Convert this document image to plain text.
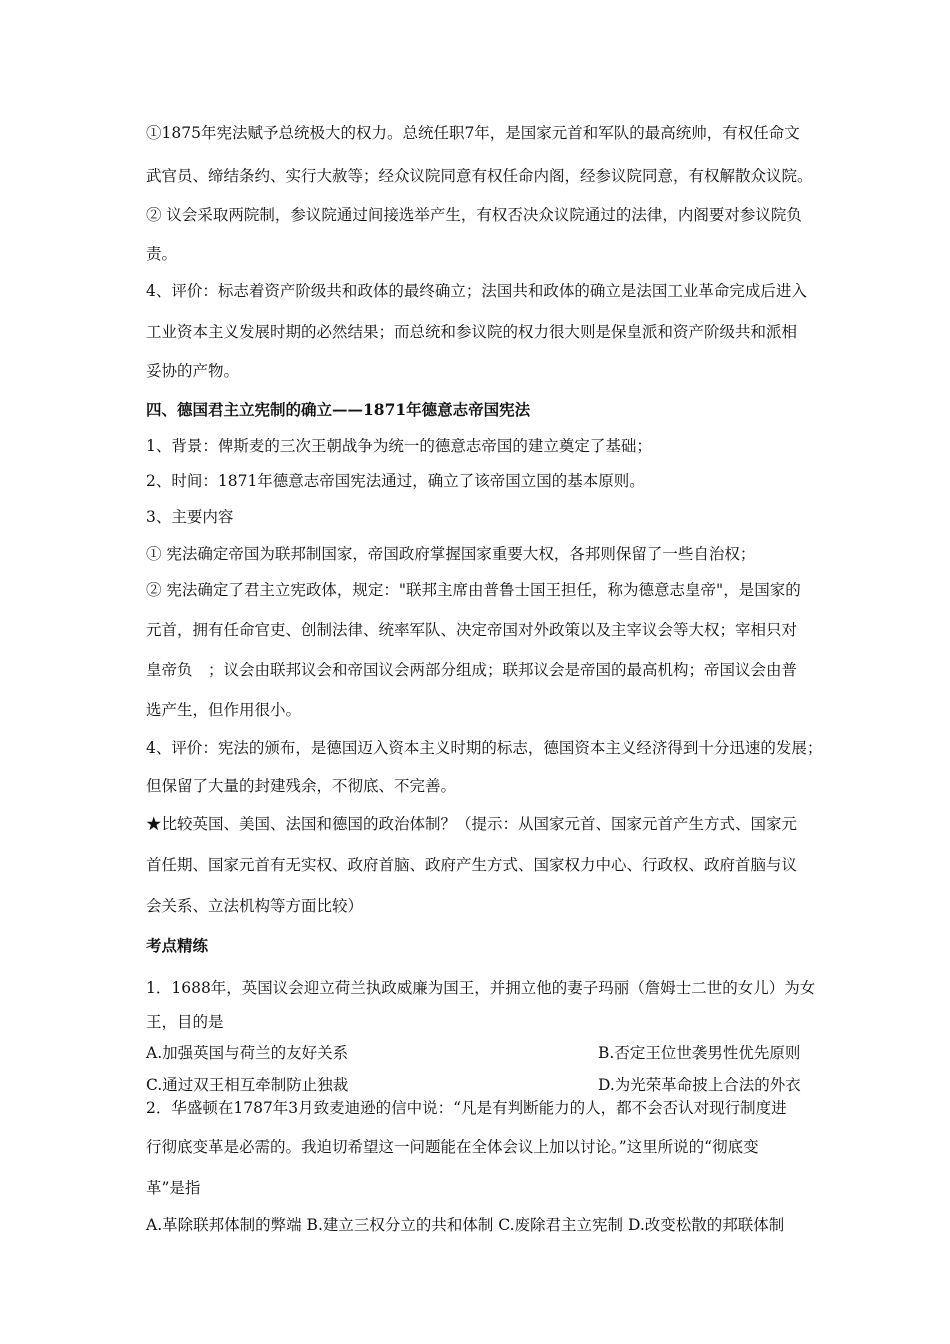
①1875年宪法赋予总统极大的权力。总统任职7年，是国家元首和军队的最高统帅，有权任命文
武官员、缔结条约、实行大赦等；经众议院同意有权任命内阁，经参议院同意，有权解散众议院。
② 议会采取两院制，参议院通过间接选举产生，有权否决众议院通过的法律，内阁要对参议院负
责。
4、评价：标志着资产阶级共和政体的最终确立；法国共和政体的确立是法国工业革命完成后进入
工业资本主义发展时期的必然结果；而总统和参议院的权力很大则是保皇派和资产阶级共和派相
妥协的产物。
四、德国君主立宪制的确立——1871年德意志帝国宪法
1、背景：俾斯麦的三次王朝战争为统一的德意志帝国的建立奠定了基础；
2、时间：1871年德意志帝国宪法通过，确立了该帝国立国的基本原则。
3、主要内容
① 宪法确定帝国为联邦制国家，帝国政府掌握国家重要大权，各邦则保留了一些自治权；
② 宪法确定了君主立宪政体，规定："联邦主席由普鲁士国王担任，称为德意志皇帝"，是国家的
元首，拥有任命官吏、创制法律、统率军队、决定帝国对外政策以及主宰议会等大权；宰相只对
皇帝负　；议会由联邦议会和帝国议会两部分组成；联邦议会是帝国的最高机构；帝国议会由普
选产生，但作用很小。
4、评价：宪法的颁布，是德国迈入资本主义时期的标志，德国资本主义经济得到十分迅速的发展；
但保留了大量的封建残余，不彻底、不完善。
★比较英国、美国、法国和德国的政治体制？（提示：从国家元首、国家元首产生方式、国家元
首任期、国家元首有无实权、政府首脑、政府产生方式、国家权力中心、行政权、政府首脑与议
会关系、立法机构等方面比较）
考点精练
1．1688年，英国议会迎立荷兰执政威廉为国王，并拥立他的妻子玛丽（詹姆士二世的女儿）为女
王，目的是
A.加强英国与荷兰的友好关系	B.否定王位世袭男性优先原则
C.通过双王相互牵制防止独裁	D.为光荣革命披上合法的外衣
2．华盛顿在1787年3月致麦迪逊的信中说：“凡是有判断能力的人，都不会否认对现行制度进
行彻底变革是必需的。我迫切希望这一问题能在全体会议上加以讨论。”这里所说的“彻底变
革”是指
A.革除联邦体制的弊端 B.建立三权分立的共和体制 C.废除君主立宪制 D.改变松散的邦联体制
